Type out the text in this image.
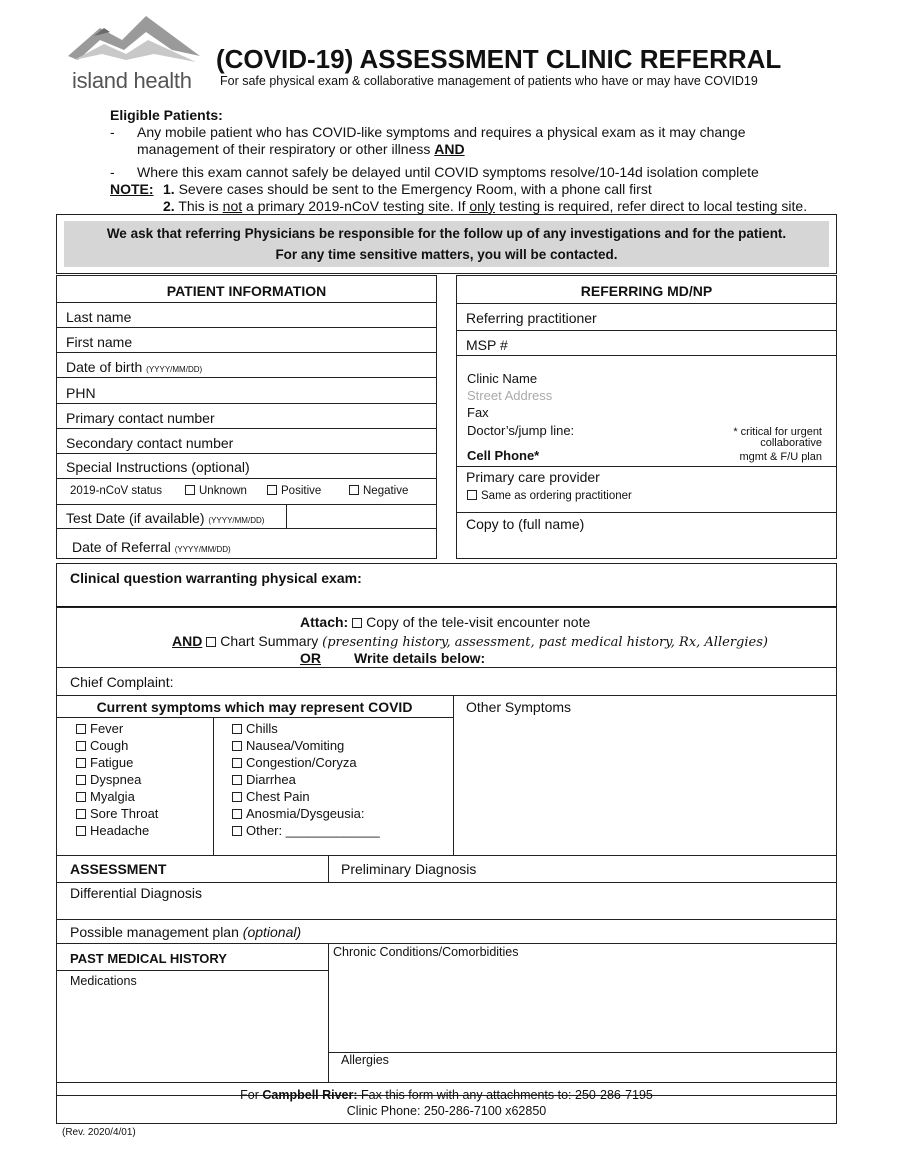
island health
(COVID-19) ASSESSMENT CLINIC REFERRAL
For safe physical exam & collaborative management of patients who have or may have COVID19
Eligible Patients:
- Any mobile patient who has COVID-like symptoms and requires a physical exam as it may change
management of their respiratory or other illness AND
- Where this exam cannot safely be delayed until COVID symptoms resolve/10-14d isolation complete
NOTE: 1. Severe cases should be sent to the Emergency Room, with a phone call first
2. This is not a primary 2019-nCoV testing site. If only testing is required, refer direct to local testing site.
We ask that referring Physicians be responsible for the follow up of any investigations and for the patient.
For any time sensitive matters, you will be contacted.
PATIENT INFORMATION
Last name
First name
Date of birth (YYYY/MM/DD)
PHN
Primary contact number
Secondary contact number
Special Instructions (optional)
2019-nCoV status	Unknown	Positive	Negative
Test Date (if available) (YYYY/MM/DD)
Date of Referral (YYYY/MM/DD)
REFERRING MD/NP
Referring practitioner
MSP #
Clinic Name
Street Address
Fax
Doctor’s/jump line:
Cell Phone*
* critical for urgent
collaborative
mgmt & F/U plan
Primary care provider
Same as ordering practitioner
Copy to (full name)
Clinical question warranting physical exam:
Attach: Copy of the tele-visit encounter note
AND Chart Summary (presenting history, assessment, past medical history, Rx, Allergies)
OR Write details below:
Chief Complaint:
Current symptoms which may represent COVID
Fever
Cough
Fatigue
Dyspnea
Myalgia
Sore Throat
Headache
Chills
Nausea/Vomiting
Congestion/Coryza
Diarrhea
Chest Pain
Anosmia/Dysgeusia:
Other: _____________
Other Symptoms
ASSESSMENT	Preliminary Diagnosis
Differential Diagnosis
Possible management plan (optional)
PAST MEDICAL HISTORY	Chronic Conditions/Comorbidities
Medications
Allergies
For Campbell River: Fax this form with any attachments to: 250-286-7195
Clinic Phone: 250-286-7100 x62850
(Rev. 2020/4/01)
